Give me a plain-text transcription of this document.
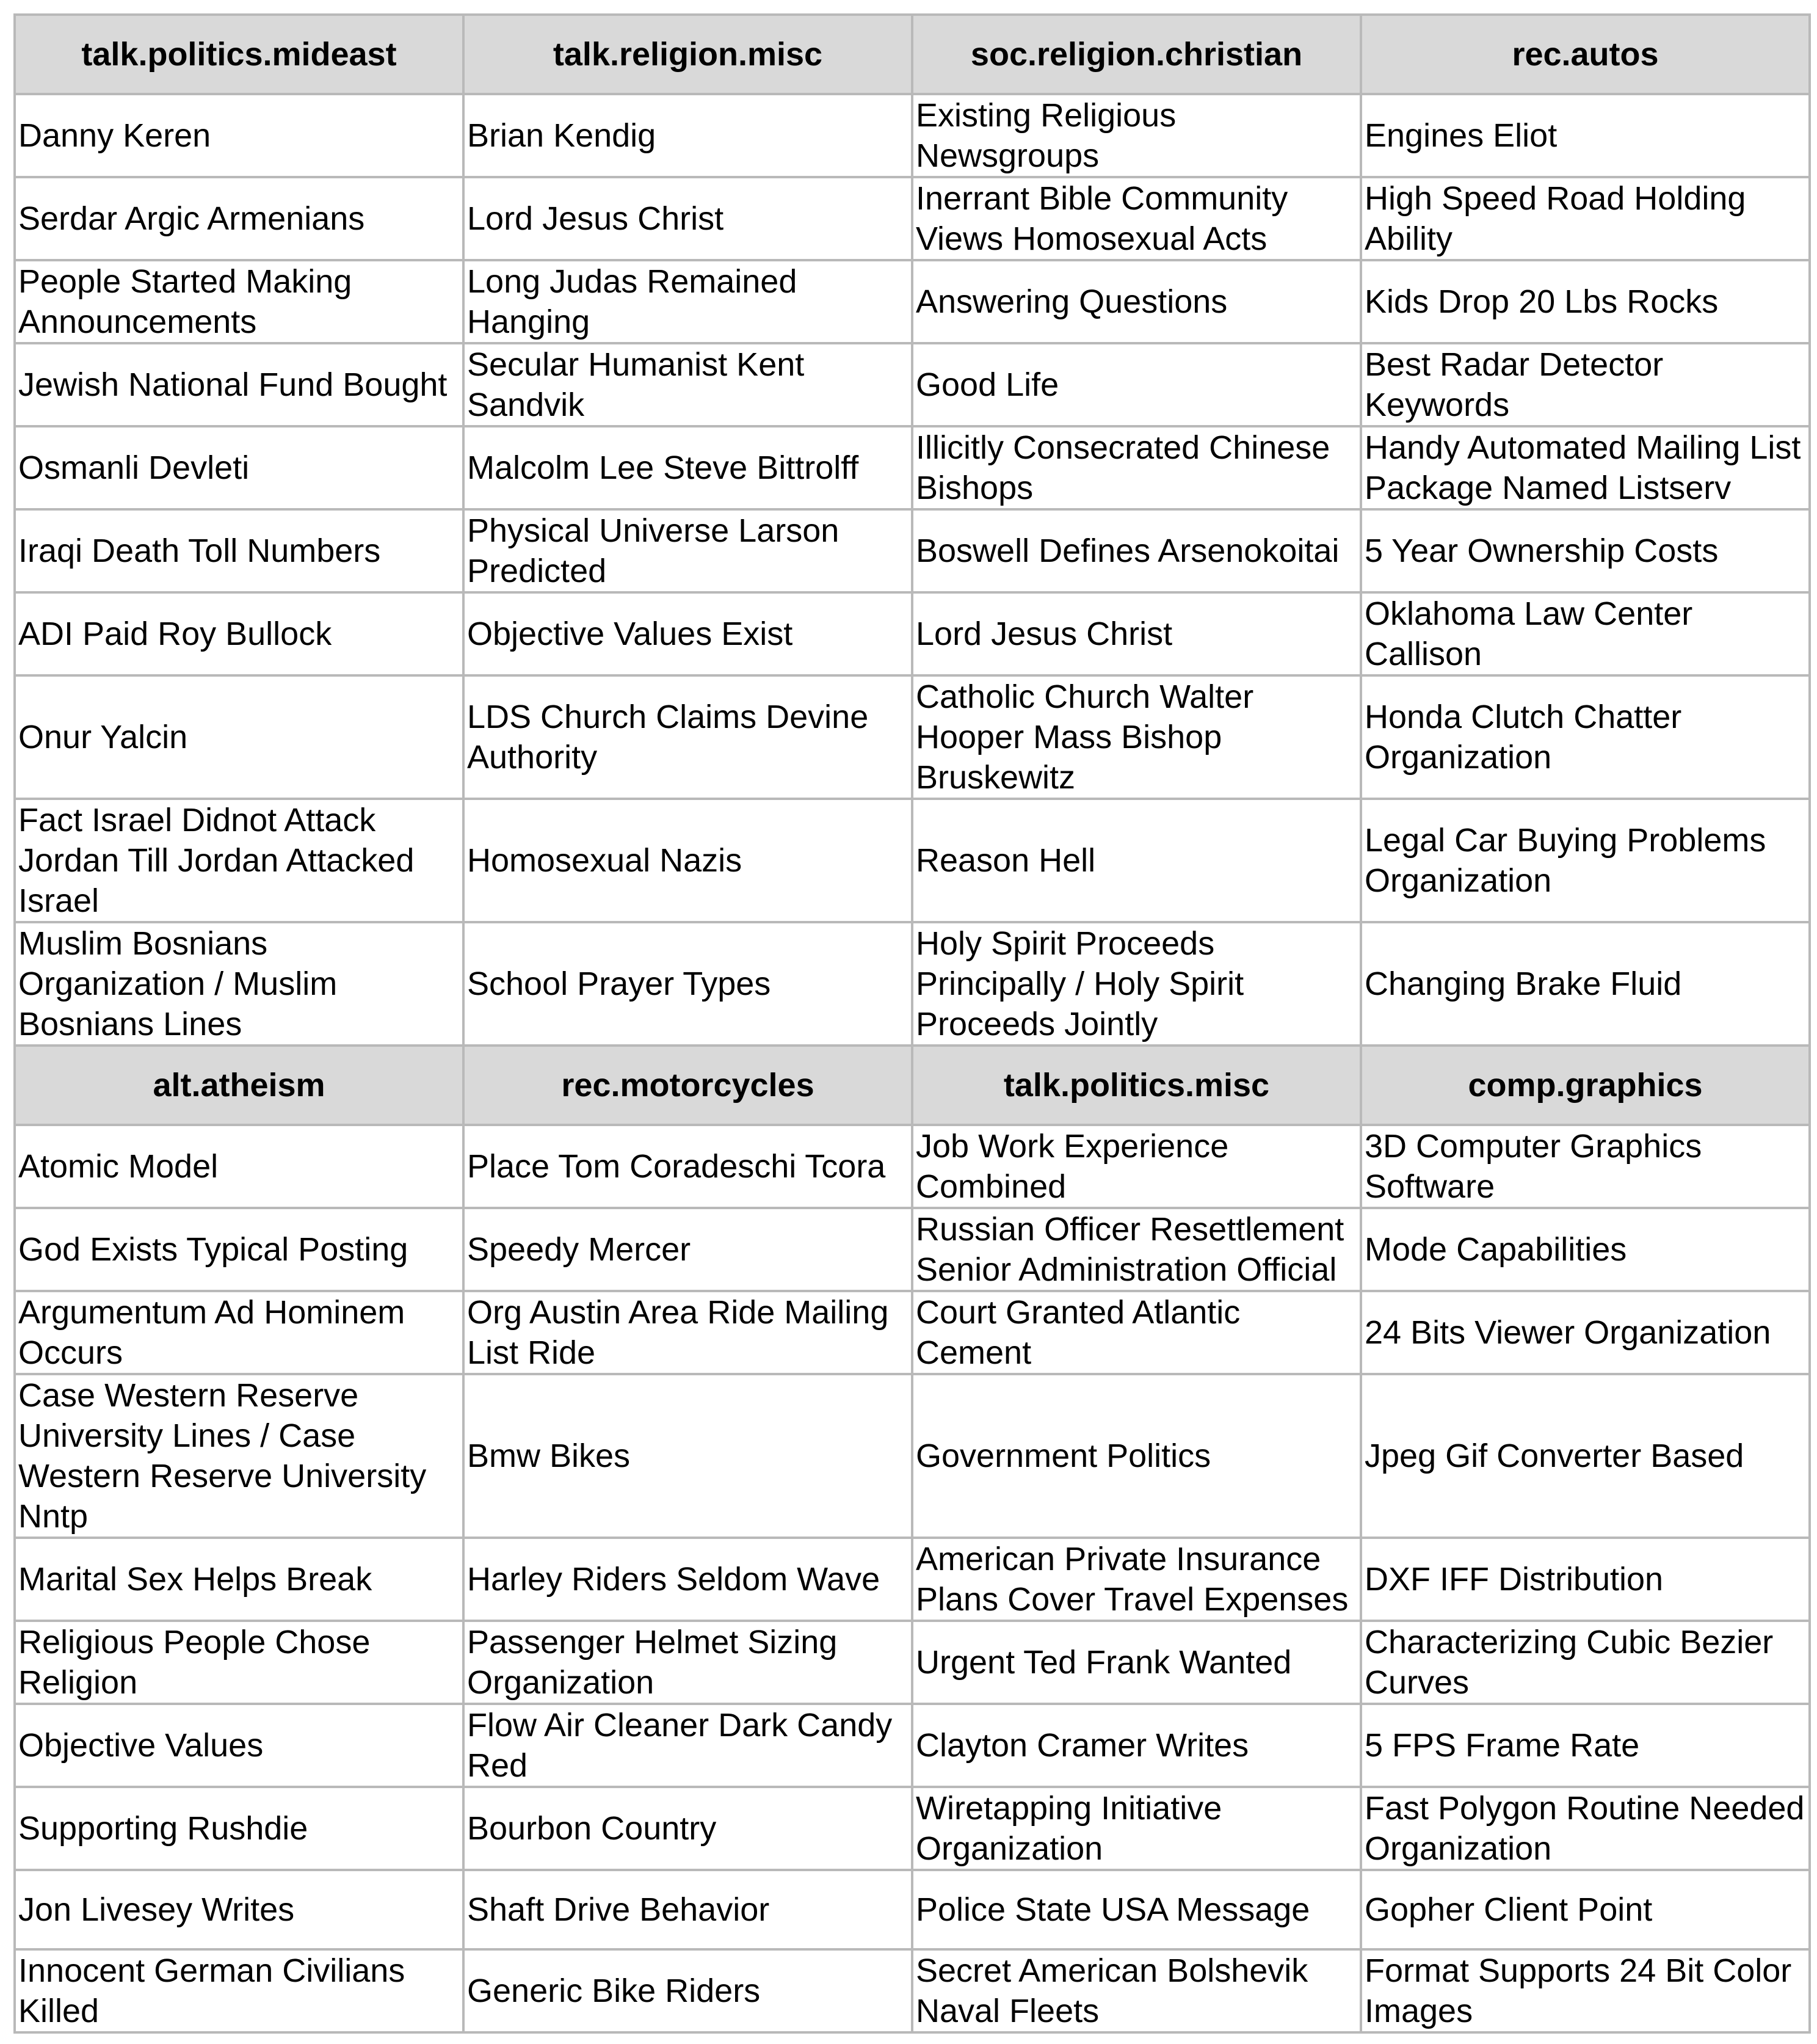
talk.politics.mideast	talk.religion.misc	soc.religion.christian	rec.autos
Danny Keren	Brian Kendig	Existing Religious Newsgroups	Engines Eliot
Serdar Argic Armenians	Lord Jesus Christ	Inerrant Bible Community Views Homosexual Acts	High Speed Road Holding Ability
People Started Making Announcements	Long Judas Remained Hanging	Answering Questions	Kids Drop 20 Lbs Rocks
Jewish National Fund Bought	Secular Humanist Kent Sandvik	Good Life	Best Radar Detector Keywords
Osmanli Devleti	Malcolm Lee Steve Bittrolff	Illicitly Consecrated Chinese Bishops	Handy Automated Mailing List Package Named Listserv
Iraqi Death Toll Numbers	Physical Universe Larson Predicted	Boswell Defines Arsenokoitai	5 Year Ownership Costs
ADI Paid Roy Bullock	Objective Values Exist	Lord Jesus Christ	Oklahoma Law Center Callison
Onur Yalcin	LDS Church Claims Devine Authority	Catholic Church Walter Hooper Mass Bishop Bruskewitz	Honda Clutch Chatter Organization
Fact Israel Didnot Attack Jordan Till Jordan Attacked Israel	Homosexual Nazis	Reason Hell	Legal Car Buying Problems Organization
Muslim Bosnians Organization / Muslim Bosnians Lines	School Prayer Types	Holy Spirit Proceeds Principally / Holy Spirit Proceeds Jointly	Changing Brake Fluid
alt.atheism	rec.motorcycles	talk.politics.misc	comp.graphics
Atomic Model	Place Tom Coradeschi Tcora	Job Work Experience Combined	3D Computer Graphics Software
God Exists Typical Posting	Speedy Mercer	Russian Officer Resettlement Senior Administration Official	Mode Capabilities
Argumentum Ad Hominem Occurs	Org Austin Area Ride Mailing List Ride	Court Granted Atlantic Cement	24 Bits Viewer Organization
Case Western Reserve University Lines / Case Western Reserve University Nntp	Bmw Bikes	Government Politics	Jpeg Gif Converter Based
Marital Sex Helps Break	Harley Riders Seldom Wave	American Private Insurance Plans Cover Travel Expenses	DXF IFF Distribution
Religious People Chose Religion	Passenger Helmet Sizing Organization	Urgent Ted Frank Wanted	Characterizing Cubic Bezier Curves
Objective Values	Flow Air Cleaner Dark Candy Red	Clayton Cramer Writes	5 FPS Frame Rate
Supporting Rushdie	Bourbon Country	Wiretapping Initiative Organization	Fast Polygon Routine Needed Organization
Jon Livesey Writes	Shaft Drive Behavior	Police State USA Message	Gopher Client Point
Innocent German Civilians Killed	Generic Bike Riders	Secret American Bolshevik Naval Fleets	Format Supports 24 Bit Color Images
